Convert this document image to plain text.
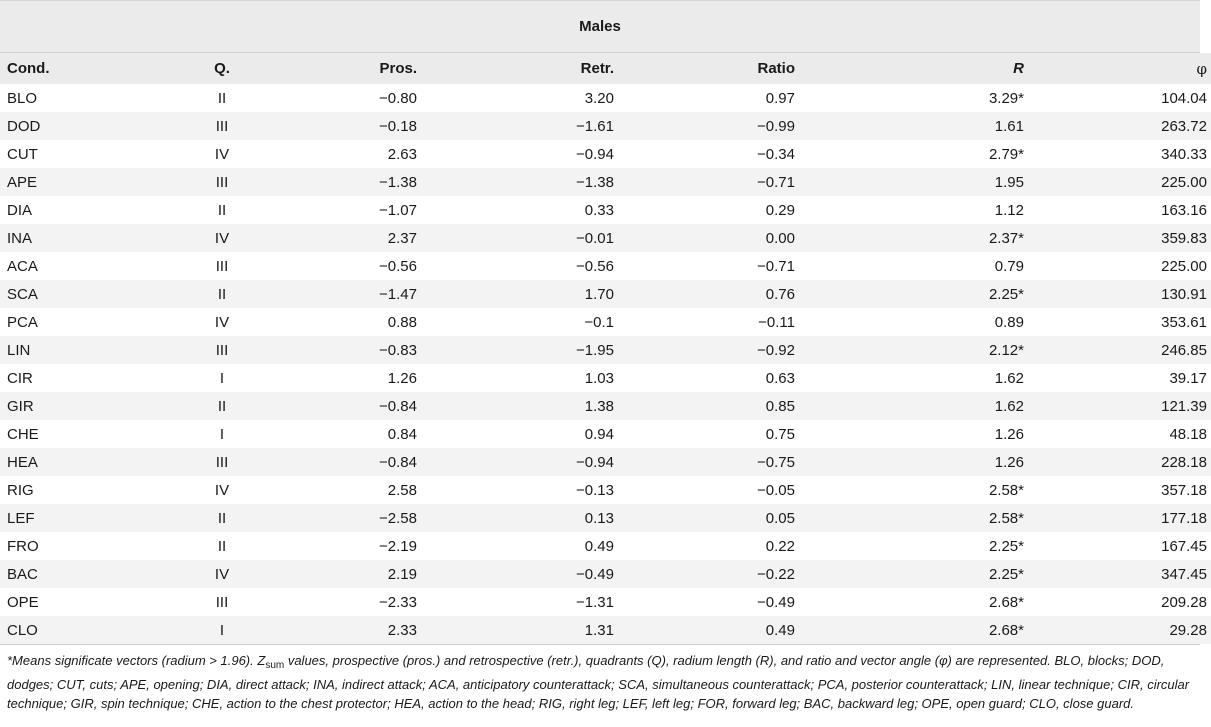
Males
Cond.	Q.	Pros.	Retr.	Ratio	R	φ
BLO	II	−0.80	3.20	0.97	3.29*	104.04
DOD	III	−0.18	−1.61	−0.99	1.61	263.72
CUT	IV	2.63	−0.94	−0.34	2.79*	340.33
APE	III	−1.38	−1.38	−0.71	1.95	225.00
DIA	II	−1.07	0.33	0.29	1.12	163.16
INA	IV	2.37	−0.01	0.00	2.37*	359.83
ACA	III	−0.56	−0.56	−0.71	0.79	225.00
SCA	II	−1.47	1.70	0.76	2.25*	130.91
PCA	IV	0.88	−0.1	−0.11	0.89	353.61
LIN	III	−0.83	−1.95	−0.92	2.12*	246.85
CIR	I	1.26	1.03	0.63	1.62	39.17
GIR	II	−0.84	1.38	0.85	1.62	121.39
CHE	I	0.84	0.94	0.75	1.26	48.18
HEA	III	−0.84	−0.94	−0.75	1.26	228.18
RIG	IV	2.58	−0.13	−0.05	2.58*	357.18
LEF	II	−2.58	0.13	0.05	2.58*	177.18
FRO	II	−2.19	0.49	0.22	2.25*	167.45
BAC	IV	2.19	−0.49	−0.22	2.25*	347.45
OPE	III	−2.33	−1.31	−0.49	2.68*	209.28
CLO	I	2.33	1.31	0.49	2.68*	29.28
*Means significate vectors (radium > 1.96). $Z_{sum}$ values, prospective (pros.) and retrospective (retr.), quadrants (Q), radium length (R), and ratio and vector angle (φ) are represented. BLO, blocks; DOD, dodges; CUT, cuts; APE, opening; DIA, direct attack; INA, indirect attack; ACA, anticipatory counterattack; SCA, simultaneous counterattack; PCA, posterior counterattack; LIN, linear technique; CIR, circular technique; GIR, spin technique; CHE, action to the chest protector; HEA, action to the head; RIG, right leg; LEF, left leg; FOR, forward leg; BAC, backward leg; OPE, open guard; CLO, close guard.
